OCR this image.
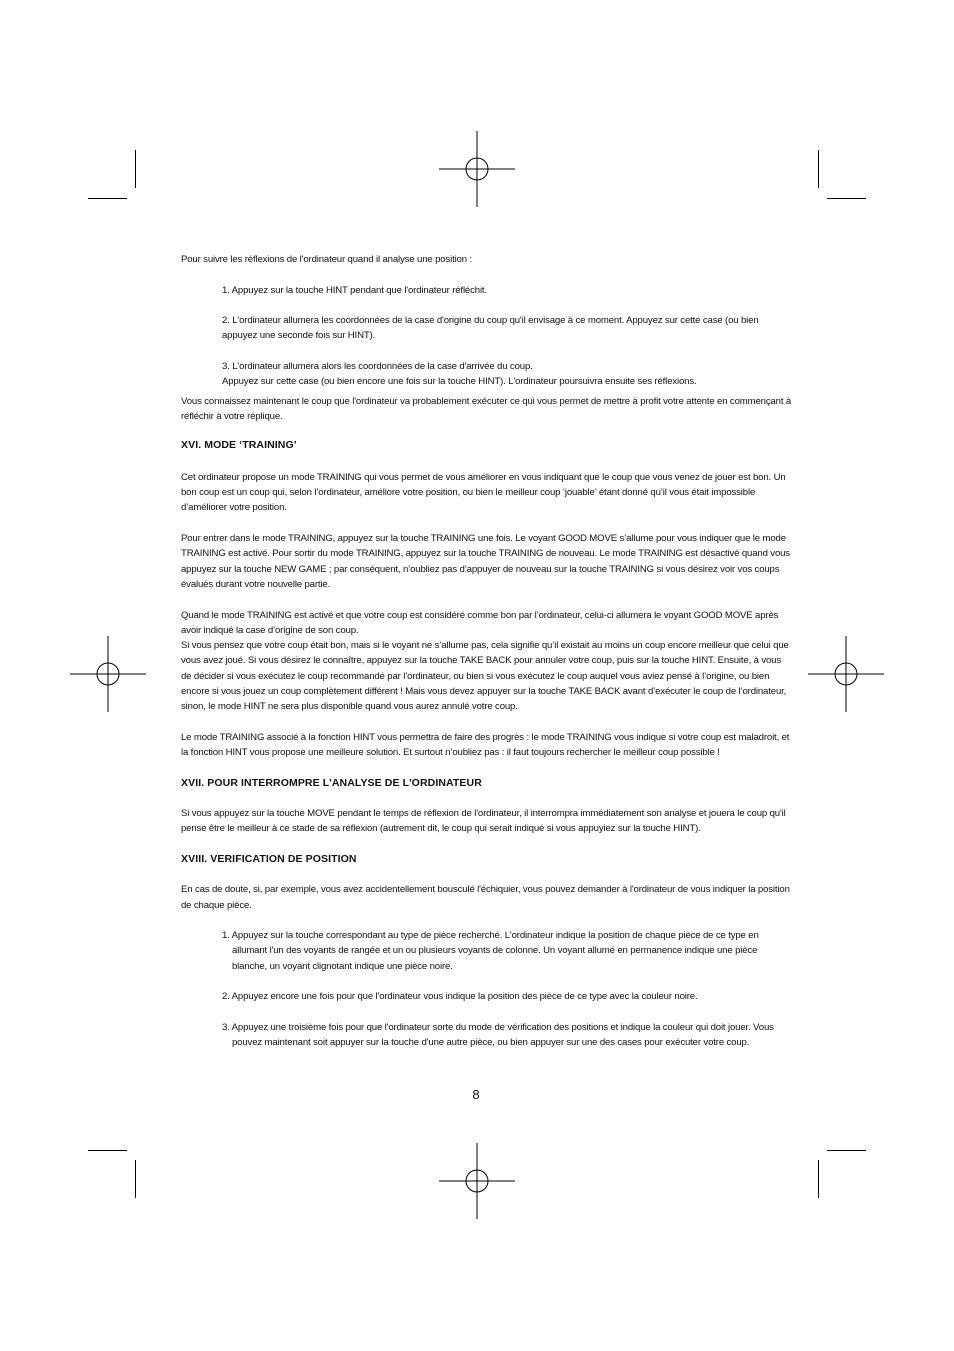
Pour suivre les réflexions de l'ordinateur quand il analyse une position :

1. Appuyez sur la touche HINT pendant que l'ordinateur réfléchit.

2. L'ordinateur allumera les coordonnées de la case d'origine du coup qu'il envisage à ce moment. Appuyez sur cette case (ou bien appuyez une seconde fois sur HINT).

3. L'ordinateur allumera alors les coordonnées de la case d'arrivée du coup.

Appuyez sur cette case (ou bien encore une fois sur la touche HINT). L'ordinateur poursuivra ensuite ses réflexions.

Vous connaissez maintenant le coup que l'ordinateur va probablement exécuter ce qui vous permet de mettre à profit votre attente en commençant à réfléchir à votre réplique.

XVI. MODE ‘TRAINING’

Cet ordinateur propose un mode TRAINING qui vous permet de vous améliorer en vous indiquant que le coup que vous venez de jouer est bon. Un bon coup est un coup qui, selon l’ordinateur, améliore votre position, ou bien le meilleur coup ‘jouable’ étant donné qu’il vous était impossible d’améliorer votre position.

Pour entrer dans le mode TRAINING, appuyez sur la touche TRAINING une fois. Le voyant GOOD MOVE s’allume pour vous indiquer que le mode TRAINING est activé. Pour sortir du mode TRAINING, appuyez sur la touche TRAINING de nouveau. Le mode TRAINING est désactivé quand vous appuyez sur la touche NEW GAME ; par conséquent, n’oubliez pas d’appuyer de nouveau sur la touche TRAINING si vous désirez voir vos coups évalués durant votre nouvelle partie.

Quand le mode TRAINING est activé et que votre coup est considéré comme bon par l’ordinateur, celui-ci allumera le voyant GOOD MOVE après avoir indiqué la case d’origine de son coup.

Si vous pensez que votre coup était bon, mais si le voyant ne s’allume pas, cela signifie qu’il existait au moins un coup encore meilleur que celui que vous avez joué. Si vous désirez le connaître, appuyez sur la touche TAKE BACK pour annuler votre coup, puis sur la touche HINT. Ensuite, à vous de décider si vous exécutez le coup recommandé par l’ordinateur, ou bien si vous exécutez le coup auquel vous aviez pensé à l’origine, ou bien encore si vous jouez un coup complètement différent ! Mais vous devez appuyer sur la touche TAKE BACK avant d’exécuter le coup de l’ordinateur, sinon, le mode HINT ne sera plus disponible quand vous aurez annulé votre coup.

Le mode TRAINING associé à la fonction HINT vous permettra de faire des progrès : le mode TRAINING vous indique si votre coup est maladroit, et la fonction HINT vous propose une meilleure solution. Et surtout n’oubliez pas : il faut toujours rechercher le meilleur coup possible !

XVII. POUR INTERROMPRE L'ANALYSE DE L'ORDINATEUR

Si vous appuyez sur la touche MOVE pendant le temps de réflexion de l'ordinateur, il interrompra immédiatement son analyse et jouera le coup qu'il pense être le meilleur à ce stade de sa réflexion (autrement dit, le coup qui serait indiqué si vous appuyiez sur la touche HINT).

XVIII. VERIFICATION DE POSITION

En cas de doute, si, par exemple, vous avez accidentellement bousculé l'échiquier, vous pouvez demander à l'ordinateur de vous indiquer la position de chaque pièce.

1. Appuyez sur la touche correspondant au type de pièce recherché. L'ordinateur indique la position de chaque pièce de ce type en allumant l'un des voyants de rangée et un ou plusieurs voyants de colonne. Un voyant allumé en permanence indique une pièce blanche, un voyant clignotant indique une pièce noire.

2. Appuyez encore une fois pour que l'ordinateur vous indique la position des pièce de ce type avec la couleur noire.

3. Appuyez une troisième fois pour que l'ordinateur sorte du mode de vérification des positions et indique la couleur qui doit jouer. Vous pouvez maintenant soit appuyer sur la touche d'une autre pièce, ou bien appuyer sur une des cases pour exécuter votre coup.

8
